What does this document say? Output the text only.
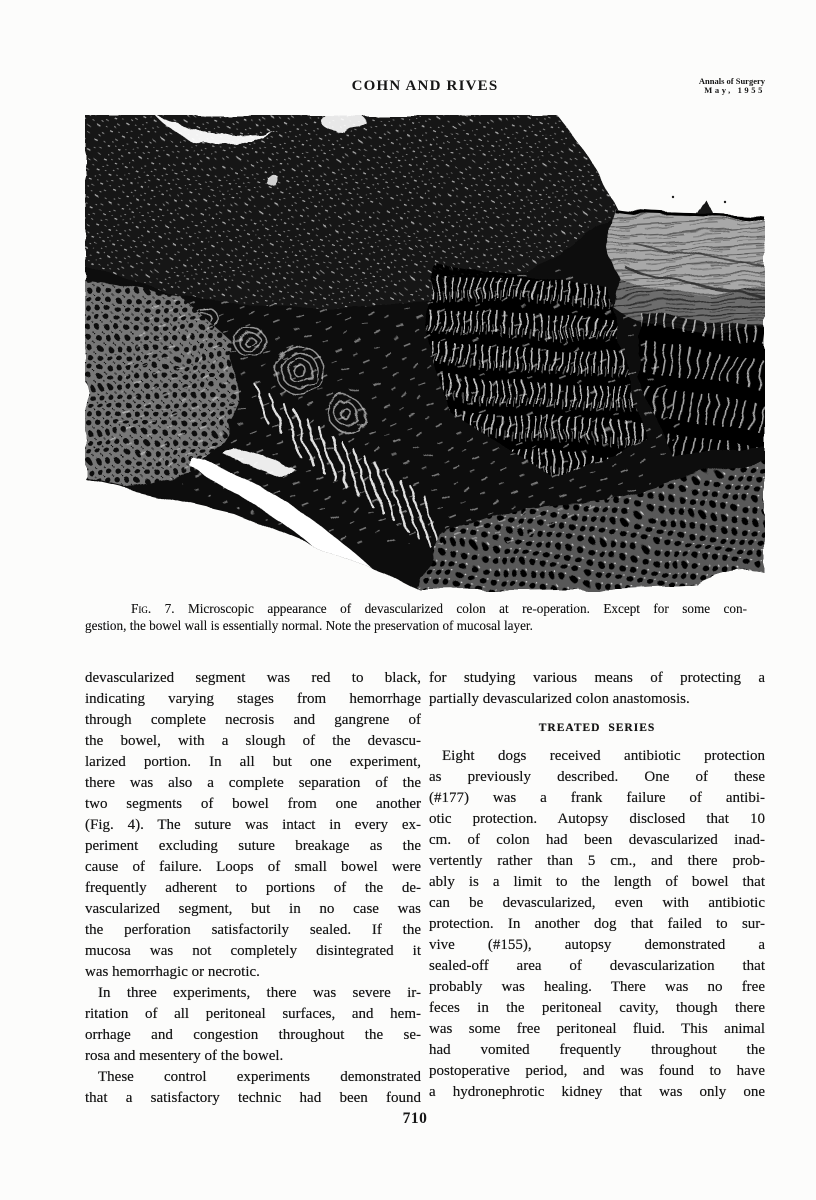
COHN AND RIVES	Annals of Surgery
May, 1955
Fig. 7. Microscopic appearance of devascularized colon at re-operation. Except for some con-
gestion, the bowel wall is essentially normal. Note the preservation of mucosal layer.
devascularized segment was red to black,
indicating varying stages from hemorrhage
through complete necrosis and gangrene of
the bowel, with a slough of the devascu-
larized portion. In all but one experiment,
there was also a complete separation of the
two segments of bowel from one another
(Fig. 4). The suture was intact in every ex-
periment excluding suture breakage as the
cause of failure. Loops of small bowel were
frequently adherent to portions of the de-
vascularized segment, but in no case was
the perforation satisfactorily sealed. If the
mucosa was not completely disintegrated it
was hemorrhagic or necrotic.
In three experiments, there was severe ir-
ritation of all peritoneal surfaces, and hem-
orrhage and congestion throughout the se-
rosa and mesentery of the bowel.
These control experiments demonstrated
that a satisfactory technic had been found
for studying various means of protecting a
partially devascularized colon anastomosis.
TREATED SERIES
Eight dogs received antibiotic protection
as previously described. One of these
(#177) was a frank failure of antibi-
otic protection. Autopsy disclosed that 10
cm. of colon had been devascularized inad-
vertently rather than 5 cm., and there prob-
ably is a limit to the length of bowel that
can be devascularized, even with antibiotic
protection. In another dog that failed to sur-
vive (#155), autopsy demonstrated a
sealed-off area of devascularization that
probably was healing. There was no free
feces in the peritoneal cavity, though there
was some free peritoneal fluid. This animal
had vomited frequently throughout the
postoperative period, and was found to have
a hydronephrotic kidney that was only one
710
